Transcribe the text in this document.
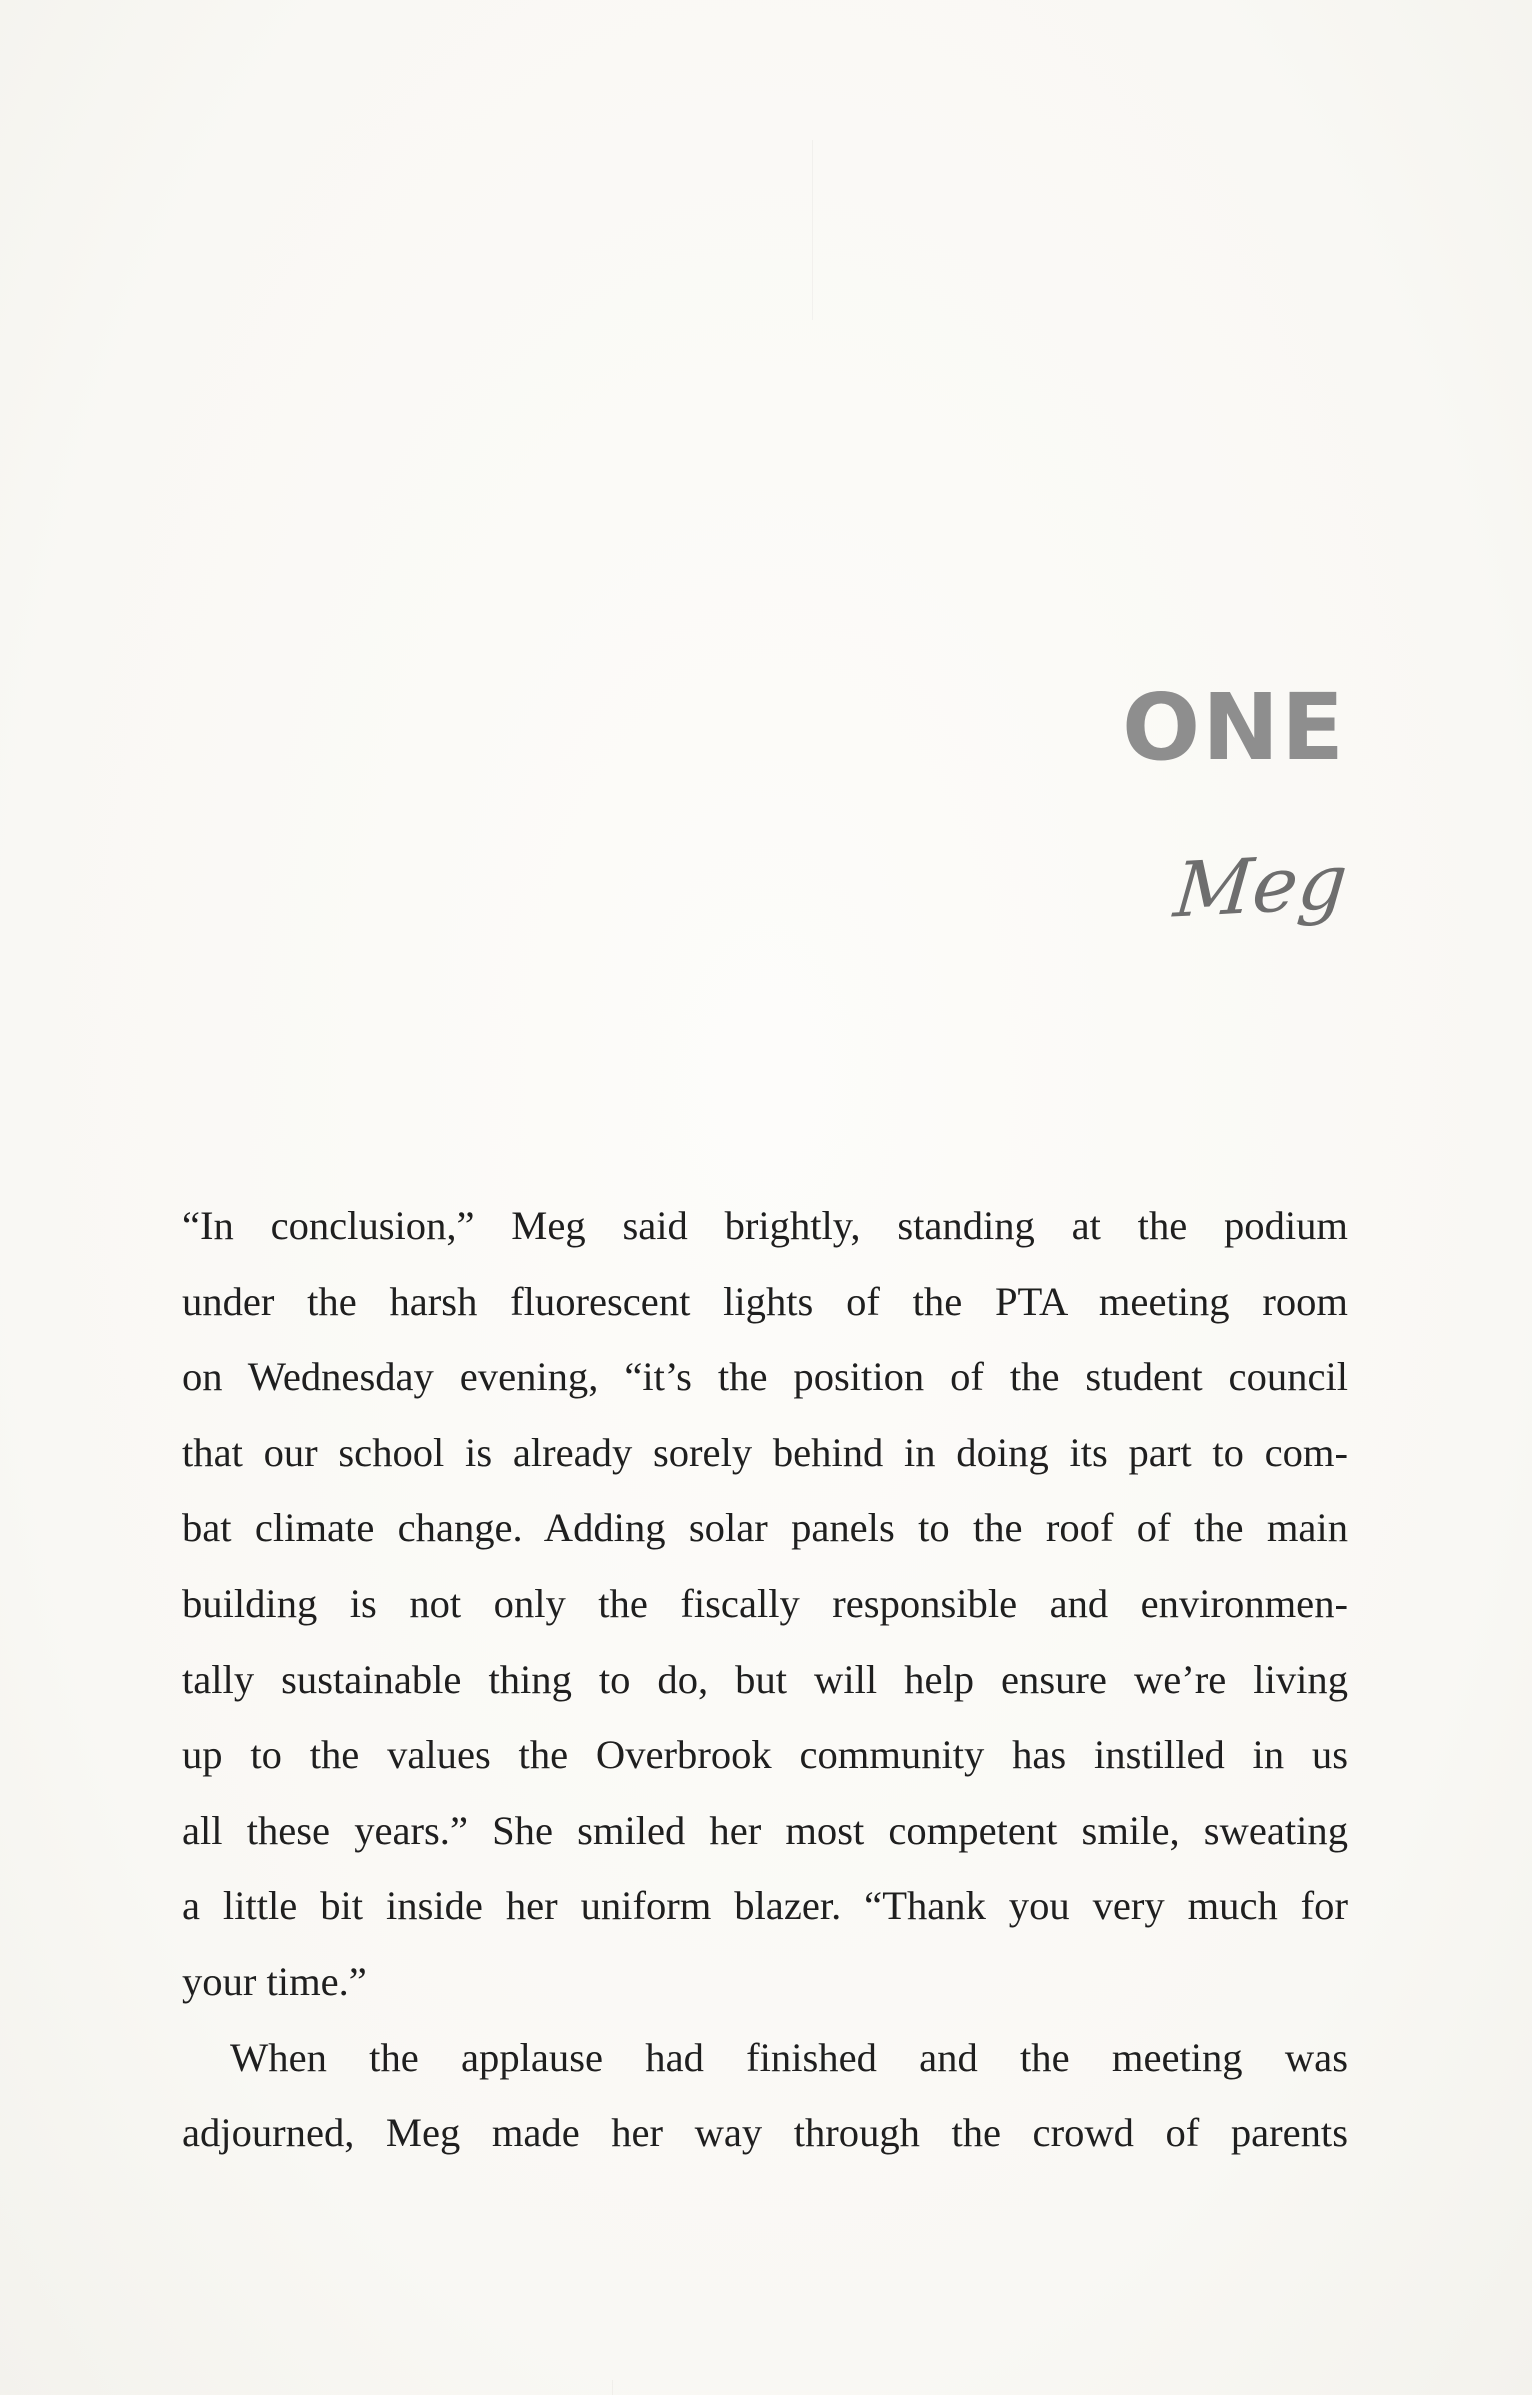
ONE
Meg

“In conclusion,” Meg said brightly, standing at the podium
under the harsh fluorescent lights of the PTA meeting room
on Wednesday evening, “it’s the position of the student council
that our school is already sorely behind in doing its part to com-
bat climate change. Adding solar panels to the roof of the main
building is not only the fiscally responsible and environmen-
tally sustainable thing to do, but will help ensure we’re living
up to the values the Overbrook community has instilled in us
all these years.” She smiled her most competent smile, sweating
a little bit inside her uniform blazer. “Thank you very much for
your time.”

When the applause had finished and the meeting was
adjourned, Meg made her way through the crowd of parents
